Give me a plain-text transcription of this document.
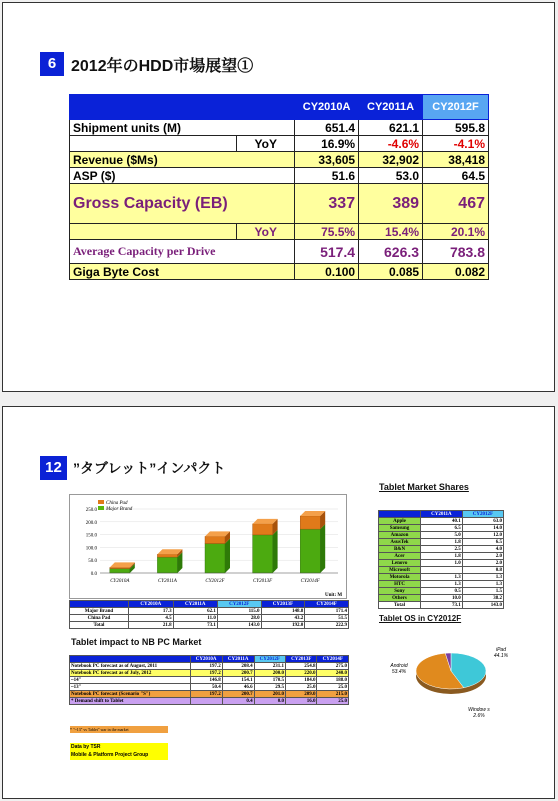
6 2012年のHDD市場展望①
		CY2010A	CY2011A	CY2012F
Shipment units (M)		651.4	621.1	595.8
	YoY	16.9%	-4.6%	-4.1%
Revenue ($Ms)		33,605	32,902	38,418
ASP ($)		51.6	53.0	64.5
Gross Capacity (EB)		337	389	467
	YoY	75.5%	15.4%	20.1%
Average Capacity per Drive		517.4	626.3	783.8
Giga Byte Cost		0.100	0.085	0.082
12 ”タブレット”インパクト
250.0
200.0
150.0
100.0
50.0
0.0
CY2010A	CY2011A	CY2012F	CY2013F	CY2014F
China Pad
Major Brand
Unit: M
	CY2010A	CY2011A	CY2012F	CY2013F	CY2014F
Major Brand	17.3	62.1	115.0	148.8	171.4
China Pad	4.5	11.0	28.0	43.2	51.5
Total	21.8	73.1	143.0	192.0	222.9
Tablet impact to NB PC Market
	CY2010A	CY2011A	CY2012F	CY2013F	CY2014F
Notebook PC forecast as of August, 2011	197.2	208.4	231.1	254.8	275.0
Notebook PC forecast as of July, 2012	197.2	200.7	200.0	220.0	240.0
~14"	146.8	154.1	170.5	184.0	188.0
~13"	50.4	46.6	29.5	25.0	25.0
Notebook PC forecast (Scenario "S")	197.2	200.7	201.0	209.0	215.0
* Demand shift to Tablet		0.4	0.0	16.0	25.0
* "~13" vs Tablet" war in the market
Data by TSR
Mobile & Platform Project Group
Tablet Market Shares
	CY2011A	CY2012F
Apple	40.1	63.0
Samsung	6.5	14.0
Amazon	5.0	12.0
AsusTek	1.8	6.5
B&N	2.5	4.0
Acer	1.8	2.0
Lenovo	1.0	2.0
Microsoft		0.8
Motorola	1.3	1.3
HTC	1.3	1.3
Sony	0.5	1.5
Others	10.0	38.2
Total	73.1	143.0
Tablet OS in CY2012F
iPad
44.1%
Android
53.4%
Window s
2.6%
